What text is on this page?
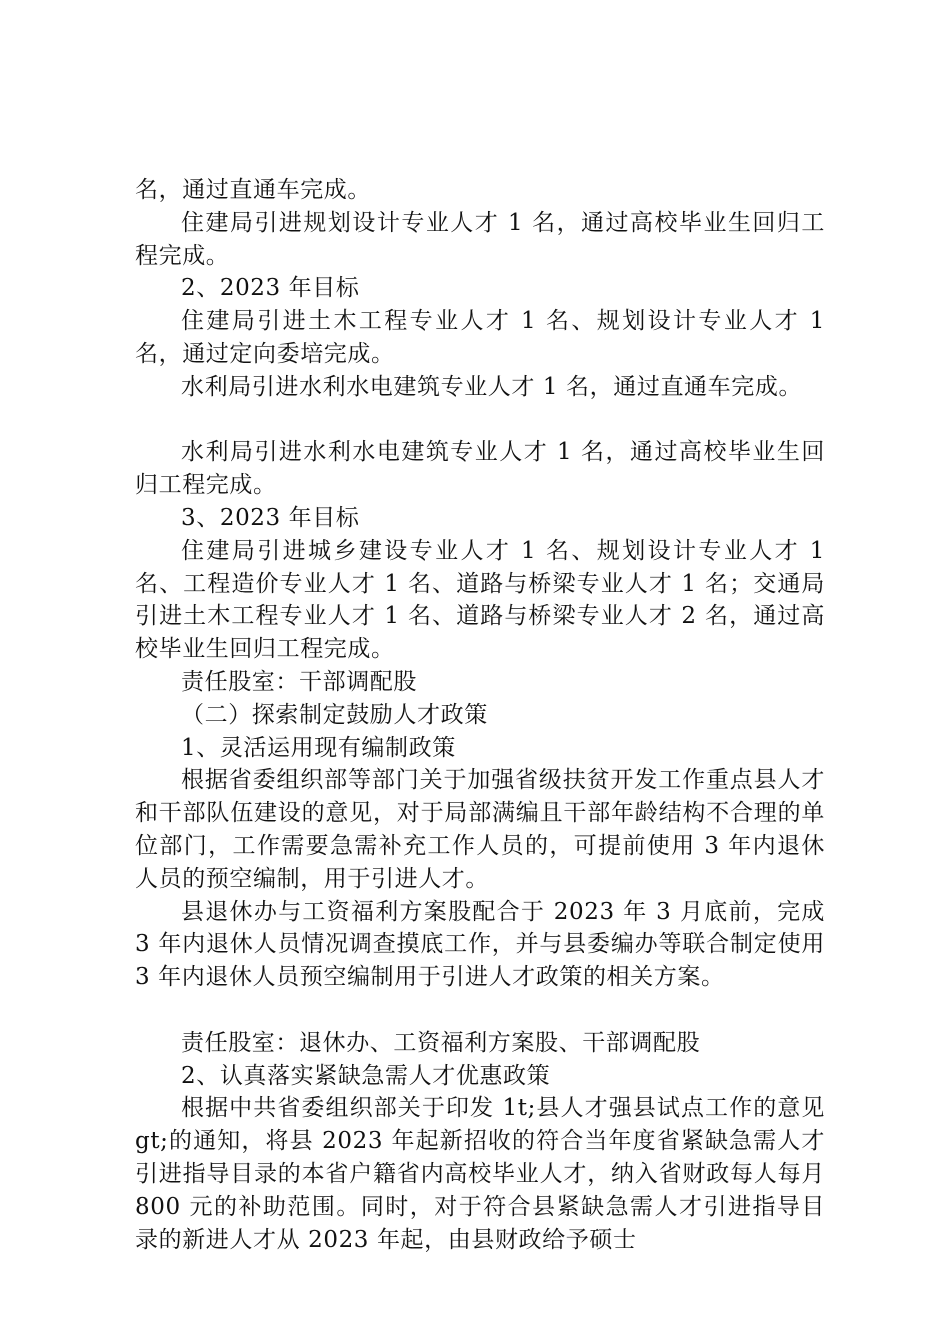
名，通过直通车完成。

住建局引进规划设计专业人才 1 名，通过高校毕业生回归工程完成。

2、2023 年目标

住建局引进土木工程专业人才 1 名、规划设计专业人才 1 名，通过定向委培完成。

水利局引进水利水电建筑专业人才 1 名，通过直通车完成。

水利局引进水利水电建筑专业人才 1 名，通过高校毕业生回归工程完成。

3、2023 年目标

住建局引进城乡建设专业人才 1 名、规划设计专业人才 1 名、工程造价专业人才 1 名、道路与桥梁专业人才 1 名；交通局引进土木工程专业人才 1 名、道路与桥梁专业人才 2 名，通过高校毕业生回归工程完成。

责任股室：干部调配股

（二）探索制定鼓励人才政策

1、灵活运用现有编制政策

根据省委组织部等部门关于加强省级扶贫开发工作重点县人才和干部队伍建设的意见，对于局部满编且干部年龄结构不合理的单位部门，工作需要急需补充工作人员的，可提前使用 3 年内退休人员的预空编制，用于引进人才。

县退休办与工资福利方案股配合于 2023 年 3 月底前，完成 3 年内退休人员情况调查摸底工作，并与县委编办等联合制定使用 3 年内退休人员预空编制用于引进人才政策的相关方案。

责任股室：退休办、工资福利方案股、干部调配股

2、认真落实紧缺急需人才优惠政策

根据中共省委组织部关于印发 1t;县人才强县试点工作的意见 gt;的通知，将县 2023 年起新招收的符合当年度省紧缺急需人才引进指导目录的本省户籍省内高校毕业人才，纳入省财政每人每月 800 元的补助范围。同时，对于符合县紧缺急需人才引进指导目录的新进人才从 2023 年起，由县财政给予硕士
